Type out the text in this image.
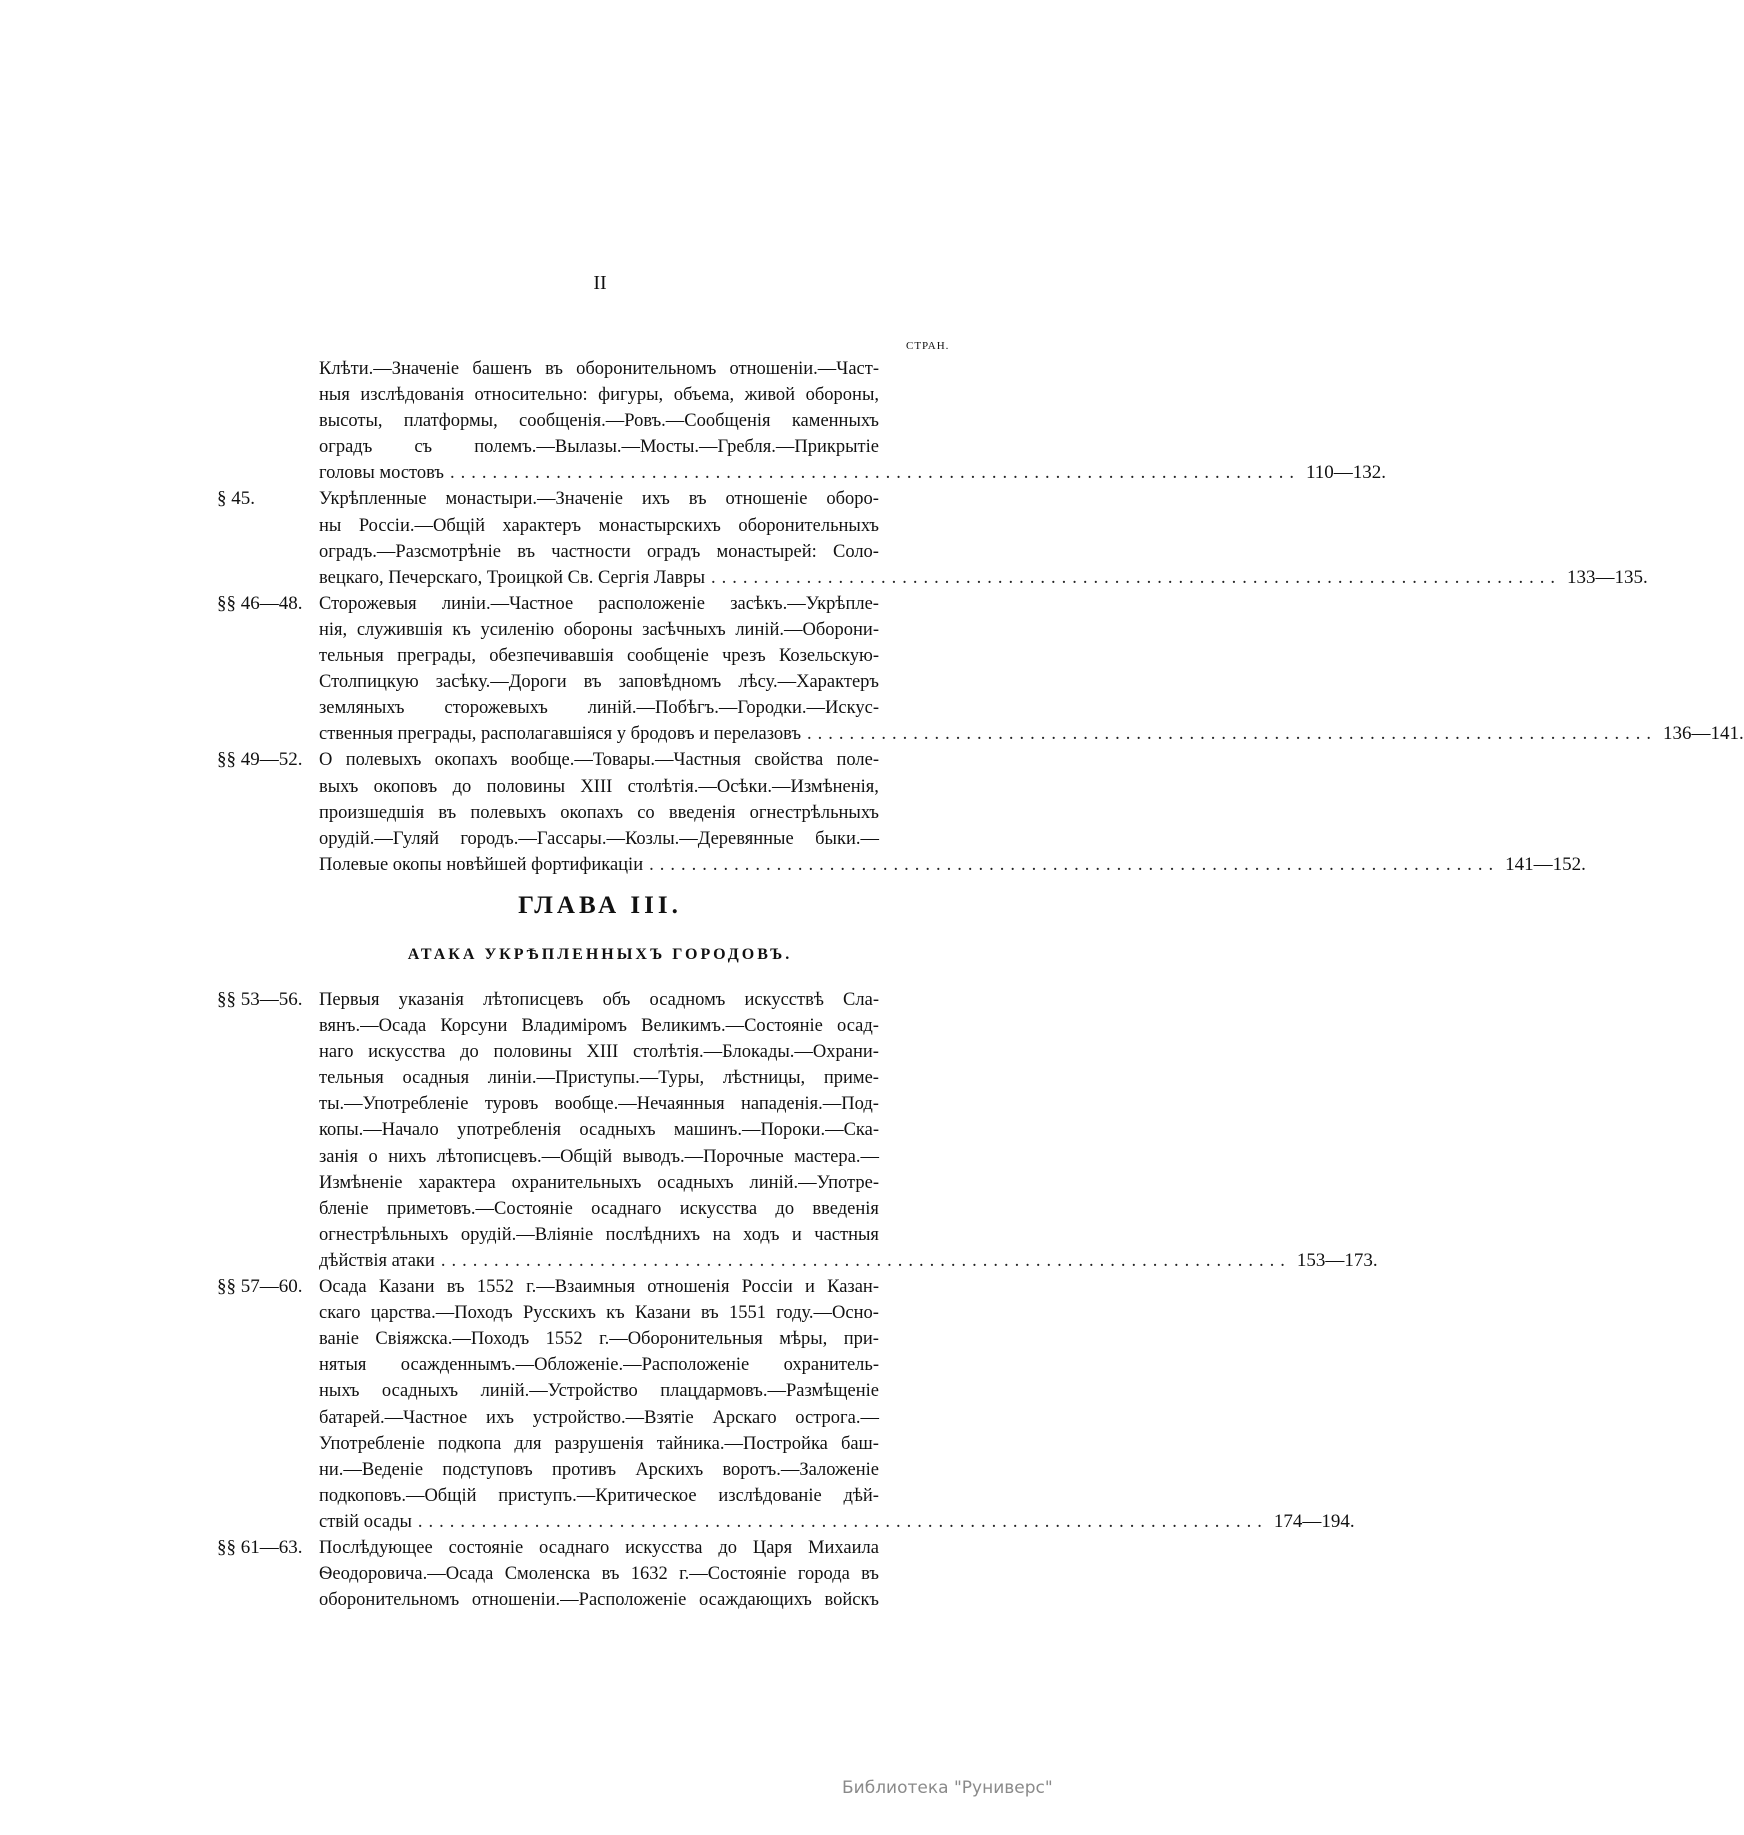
II
СТРАН.
Клѣти.—Значеніе башенъ въ оборонительномъ отношеніи.—Част-
ныя изслѣдованія относительно: фигуры, объема, живой обороны,
высоты, платформы, сообщенія.—Ровъ.—Сообщенія каменныхъ
оградъ съ полемъ.—Вылазы.—Мосты.—Гребля.—Прикрытіе
головы мостовъ ................................................................................ 110—132.
§ 45.	Укрѣпленные монастыри.—Значеніе ихъ въ отношеніе оборо-
ны Россіи.—Общій характеръ монастырскихъ оборонительныхъ
оградъ.—Разсмотрѣніе въ частности оградъ монастырей: Соло-
вецкаго, Печерскаго, Троицкой Св. Сергія Лавры ................................................................................ 133—135.
§§ 46—48. Сторожевыя линіи.—Частное расположеніе засѣкъ.—Укрѣпле-
нія, служившія къ усиленію обороны засѣчныхъ линій.—Оборони-
тельныя преграды, обезпечивавшія сообщеніе чрезъ Козельскую-
Столпицкую засѣку.—Дороги въ заповѣдномъ лѣсу.—Характеръ
земляныхъ сторожевыхъ линій.—Побѣгъ.—Городки.—Искус-
ственныя преграды, располагавшіяся у бродовъ и перелазовъ ................................................................................ 136—141.
§§ 49—52. О полевыхъ окопахъ вообще.—Товары.—Частныя свойства поле-
выхъ окоповъ до половины XIII столѣтія.—Осѣки.—Измѣненія,
произшедшія въ полевыхъ окопахъ со введенія огнестрѣльныхъ
орудій.—Гуляй городъ.—Гассары.—Козлы.—Деревянные быки.—
Полевые окопы новѣйшей фортификаціи ................................................................................ 141—152.
ГЛАВА III.
АТАКА УКРѢПЛЕННЫХЪ ГОРОДОВЪ.
§§ 53—56. Первыя указанія лѣтописцевъ объ осадномъ искусствѣ Сла-
вянъ.—Осада Корсуни Владиміромъ Великимъ.—Состояніе осад-
наго искусства до половины XIII столѣтія.—Блокады.—Охрани-
тельныя осадныя линіи.—Приступы.—Туры, лѣстницы, приме-
ты.—Употребленіе туровъ вообще.—Нечаянныя нападенія.—Под-
копы.—Начало употребленія осадныхъ машинъ.—Пороки.—Ска-
занія о нихъ лѣтописцевъ.—Общій выводъ.—Порочные мастера.—
Измѣненіе характера охранительныхъ осадныхъ линій.—Употре-
бленіе приметовъ.—Состояніе осаднаго искусства до введенія
огнестрѣльныхъ орудій.—Вліяніе послѣднихъ на ходъ и частныя
дѣйствія атаки ................................................................................ 153—173.
§§ 57—60. Осада Казани въ 1552 г.—Взаимныя отношенія Россіи и Казан-
скаго царства.—Походъ Русскихъ къ Казани въ 1551 году.—Осно-
ваніе Свіяжска.—Походъ 1552 г.—Оборонительныя мѣры, при-
нятыя осажденнымъ.—Обложеніе.—Расположеніе охранитель-
ныхъ осадныхъ линій.—Устройство плацдармовъ.—Размѣщеніе
батарей.—Частное ихъ устройство.—Взятіе Арскаго острога.—
Употребленіе подкопа для разрушенія тайника.—Постройка баш-
ни.—Веденіе подступовъ противъ Арскихъ воротъ.—Заложеніе
подкоповъ.—Общій приступъ.—Критическое изслѣдованіе дѣй-
ствій осады ................................................................................ 174—194.
§§ 61—63. Послѣдующее состояніе осаднаго искусства до Царя Михаила
Ѳеодоровича.—Осада Смоленска въ 1632 г.—Состояніе города въ
оборонительномъ отношеніи.—Расположеніе осаждающихъ войскъ
Библиотека "Руниверс"
